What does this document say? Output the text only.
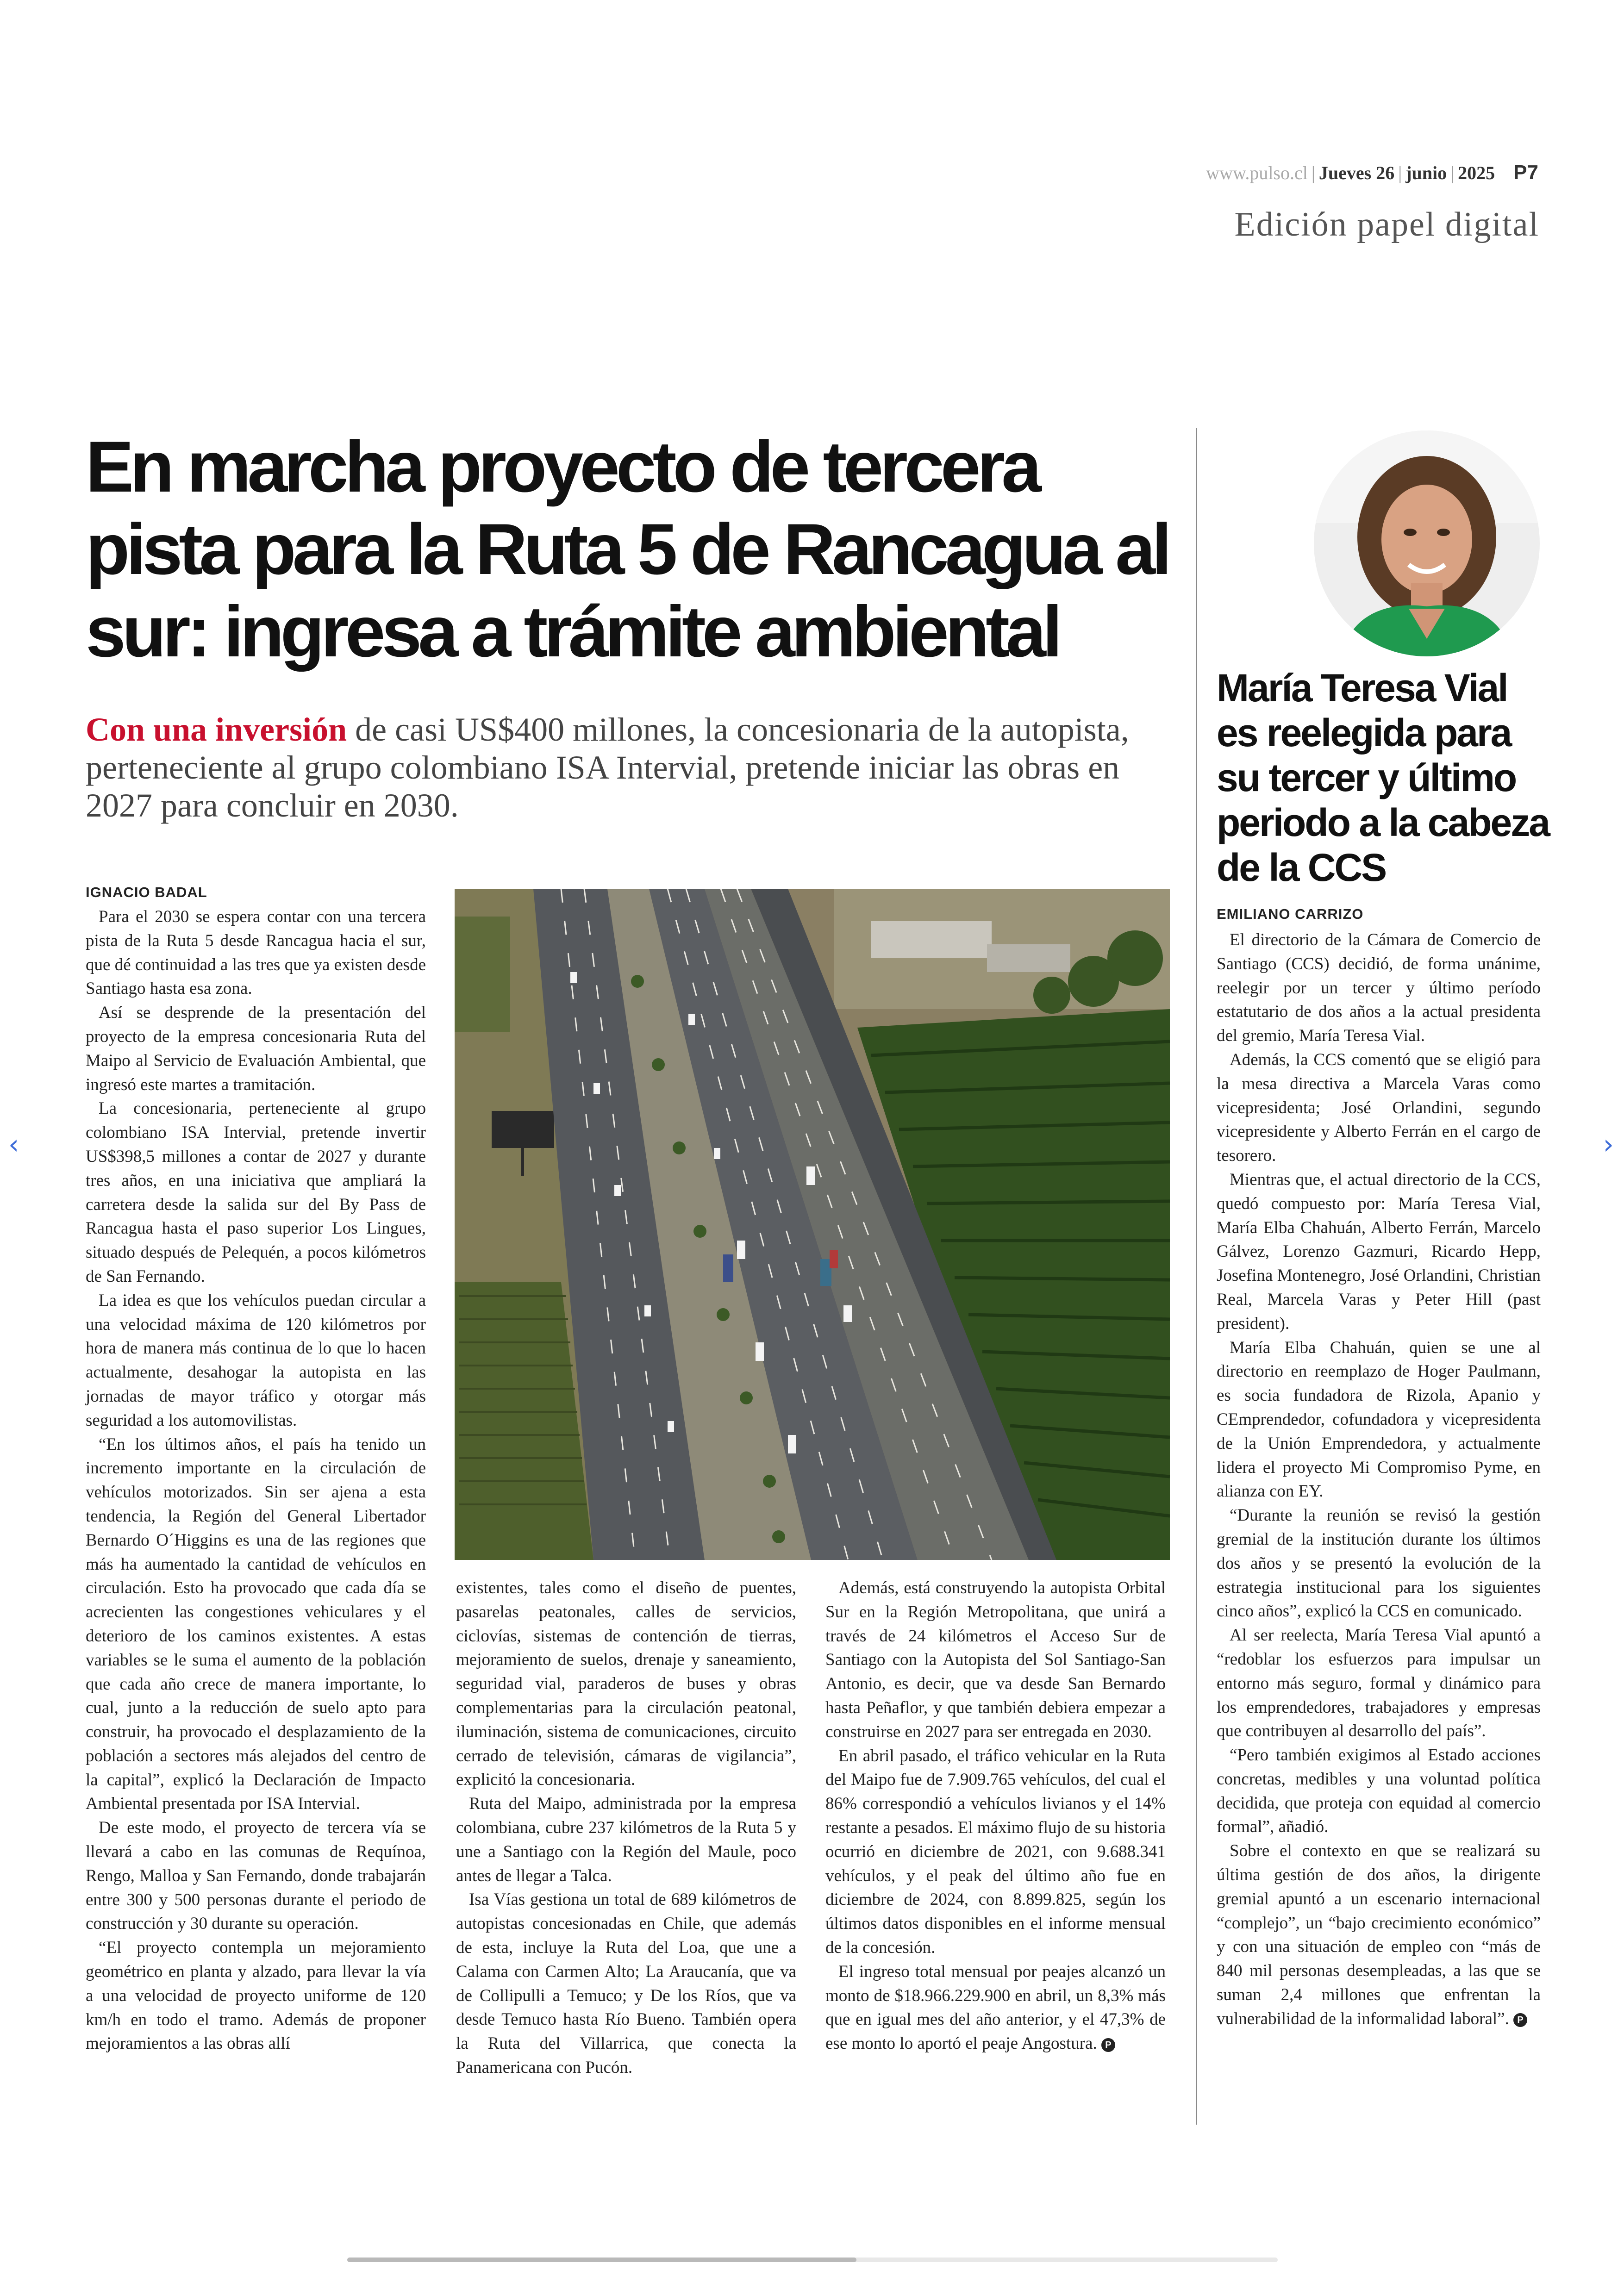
www.pulso.cl | Jueves 26 | junio | 2025 P7
Edición papel digital
‹	›
En marcha proyecto de tercera pista para la Ruta 5 de Rancagua al sur: ingresa a trámite ambiental

Con una inversión de casi US$400 millones, la concesionaria de la autopista, perteneciente al grupo colombiano ISA Intervial, pretende iniciar las obras en 2027 para concluir en 2030.

IGNACIO BADAL

Para el 2030 se espera contar con una tercera pista de la Ruta 5 desde Rancagua hacia el sur, que dé continuidad a las tres que ya existen desde Santiago hasta esa zona.

Así se desprende de la presentación del proyecto de la empresa concesionaria Ruta del Maipo al Servicio de Evaluación Ambiental, que ingresó este martes a tramitación.

La concesionaria, perteneciente al grupo colombiano ISA Intervial, pretende invertir US$398,5 millones a contar de 2027 y durante tres años, en una iniciativa que ampliará la carretera desde la salida sur del By Pass de Rancagua hasta el paso superior Los Lingues, situado después de Pelequén, a pocos kilómetros de San Fernando.

La idea es que los vehículos puedan circular a una velocidad máxima de 120 kilómetros por hora de manera más continua de lo que lo hacen actualmente, desahogar la autopista en las jornadas de mayor tráfico y otorgar más seguridad a los automovilistas.

“En los últimos años, el país ha tenido un incremento importante en la circulación de vehículos motorizados. Sin ser ajena a esta tendencia, la Región del General Libertador Bernardo O´Higgins es una de las regiones que más ha aumentado la cantidad de vehículos en circulación. Esto ha provocado que cada día se acrecienten las congestiones vehiculares y el deterioro de los caminos existentes. A estas variables se le suma el aumento de la población que cada año crece de manera importante, lo cual, junto a la reducción de suelo apto para construir, ha provocado el desplazamiento de la población a sectores más alejados del centro de la capital”, explicó la Declaración de Impacto Ambiental presentada por ISA Intervial.

De este modo, el proyecto de tercera vía se llevará a cabo en las comunas de Requínoa, Rengo, Malloa y San Fernando, donde trabajarán entre 300 y 500 personas durante el periodo de construcción y 30 durante su operación.

“El proyecto contempla un mejoramiento geométrico en planta y alzado, para llevar la vía a una velocidad de proyecto uniforme de 120 km/h en todo el tramo. Además de proponer mejoramientos a las obras allí

existentes, tales como el diseño de puentes, pasarelas peatonales, calles de servicios, ciclovías, sistemas de contención de tierras, mejoramiento de suelos, drenaje y saneamiento, seguridad vial, paraderos de buses y obras complementarias para la circulación peatonal, iluminación, sistema de comunicaciones, circuito cerrado de televisión, cámaras de vigilancia”, explicitó la concesionaria.

Ruta del Maipo, administrada por la empresa colombiana, cubre 237 kilómetros de la Ruta 5 y une a Santiago con la Región del Maule, poco antes de llegar a Talca.

Isa Vías gestiona un total de 689 kilómetros de autopistas concesionadas en Chile, que además de esta, incluye la Ruta del Loa, que une a Calama con Carmen Alto; La Araucanía, que va de Collipulli a Temuco; y De los Ríos, que va desde Temuco hasta Río Bueno. También opera la Ruta del Villarrica, que conecta la Panamericana con Pucón.

Además, está construyendo la autopista Orbital Sur en la Región Metropolitana, que unirá a través de 24 kilómetros el Acceso Sur de Santiago con la Autopista del Sol Santiago-San Antonio, es decir, que va desde San Bernardo hasta Peñaflor, y que también debiera empezar a construirse en 2027 para ser entregada en 2030.

En abril pasado, el tráfico vehicular en la Ruta del Maipo fue de 7.909.765 vehículos, del cual el 86% correspondió a vehículos livianos y el 14% restante a pesados. El máximo flujo de su historia ocurrió en diciembre de 2021, con 9.688.341 vehículos, y el peak del último año fue en diciembre de 2024, con 8.899.825, según los últimos datos disponibles en el informe mensual de la concesión.

El ingreso total mensual por peajes alcanzó un monto de $18.966.229.900 en abril, un 8,3% más que en igual mes del año anterior, y el 47,3% de ese monto lo aportó el peaje Angostura. P

María Teresa Vial es reelegida para su tercer y último periodo a la cabeza de la CCS
EMILIANO CARRIZO

El directorio de la Cámara de Comercio de Santiago (CCS) decidió, de forma unánime, reelegir por un tercer y último período estatutario de dos años a la actual presidenta del gremio, María Teresa Vial.

Además, la CCS comentó que se eligió para la mesa directiva a Marcela Varas como vicepresidenta; José Orlandini, segundo vicepresidente y Alberto Ferrán en el cargo de tesorero.

Mientras que, el actual directorio de la CCS, quedó compuesto por: María Teresa Vial, María Elba Chahuán, Alberto Ferrán, Marcelo Gálvez, Lorenzo Gazmuri, Ricardo Hepp, Josefina Montenegro, José Orlandini, Christian Real, Marcela Varas y Peter Hill (past president).

María Elba Chahuán, quien se une al directorio en reemplazo de Hoger Paulmann, es socia fundadora de Rizola, Apanio y CEmprendedor, cofundadora y vicepresidenta de la Unión Emprendedora, y actualmente lidera el proyecto Mi Compromiso Pyme, en alianza con EY.

“Durante la reunión se revisó la gestión gremial de la institución durante los últimos dos años y se presentó la evolución de la estrategia institucional para los siguientes cinco años”, explicó la CCS en comunicado.

Al ser reelecta, María Teresa Vial apuntó a “redoblar los esfuerzos para impulsar un entorno más seguro, formal y dinámico para los emprendedores, trabajadores y empresas que contribuyen al desarrollo del país”.

“Pero también exigimos al Estado acciones concretas, medibles y una voluntad política decidida, que proteja con equidad al comercio formal”, añadió.

Sobre el contexto en que se realizará su última gestión de dos años, la dirigente gremial apuntó a un escenario internacional “complejo”, un “bajo crecimiento económico” y con una situación de empleo con “más de 840 mil personas desempleadas, a las que se suman 2,4 millones que enfrentan la vulnerabilidad de la informalidad laboral”. P
